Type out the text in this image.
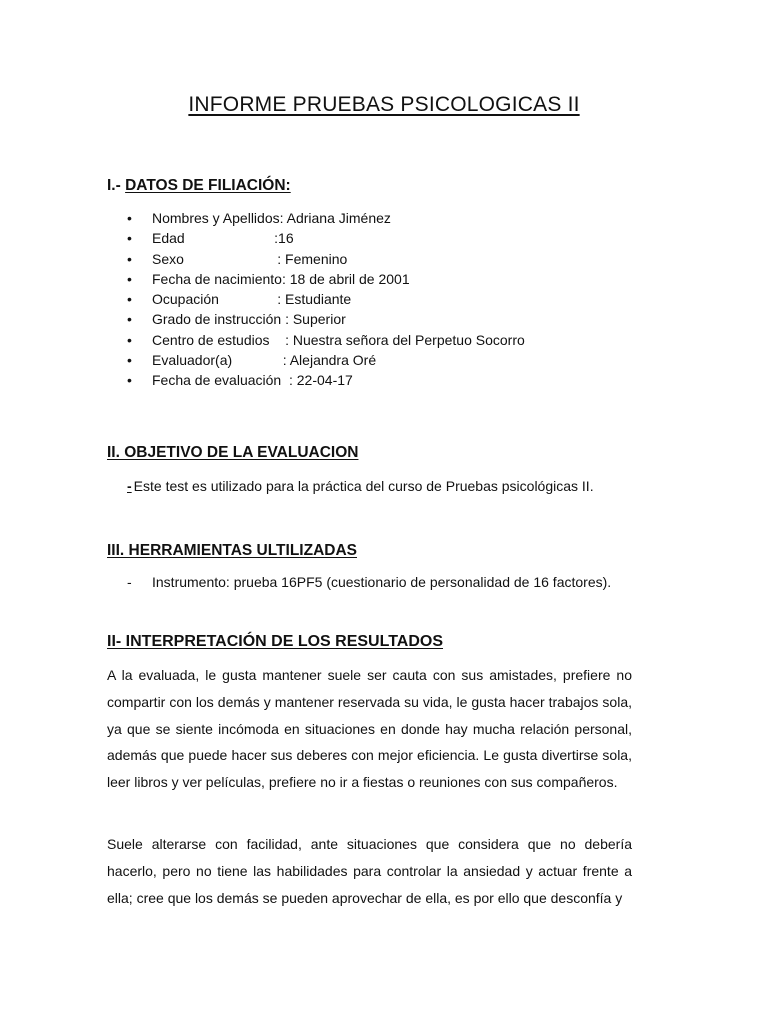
INFORME PRUEBAS PSICOLOGICAS II
I.- DATOS DE FILIACIÓN:
• Nombres y Apellidos: Adriana Jiménez
• Edad                       :16
• Sexo                        : Femenino
• Fecha de nacimiento: 18 de abril de 2001
• Ocupación               : Estudiante
• Grado de instrucción : Superior
• Centro de estudios    : Nuestra señora del Perpetuo Socorro
• Evaluador(a)             : Alejandra Oré
• Fecha de evaluación  : 22-04-17
II. OBJETIVO DE LA EVALUACION
- Este test es utilizado para la práctica del curso de Pruebas psicológicas II.
III. HERRAMIENTAS ULTILIZADAS
- Instrumento: prueba 16PF5 (cuestionario de personalidad de 16 factores).
II- INTERPRETACIÓN DE LOS RESULTADOS

A la evaluada, le gusta mantener suele ser cauta con sus amistades, prefiere no compartir con los demás y mantener reservada su vida, le gusta hacer trabajos sola, ya que se siente incómoda en situaciones en donde hay mucha relación personal, además que puede hacer sus deberes con mejor eficiencia. Le gusta divertirse sola, leer libros y ver películas, prefiere no ir a fiestas o reuniones con sus compañeros.

Suele alterarse con facilidad, ante situaciones que considera que no debería hacerlo, pero no tiene las habilidades para controlar la ansiedad y actuar frente a ella; cree que los demás se pueden aprovechar de ella, es por ello que desconfía y
